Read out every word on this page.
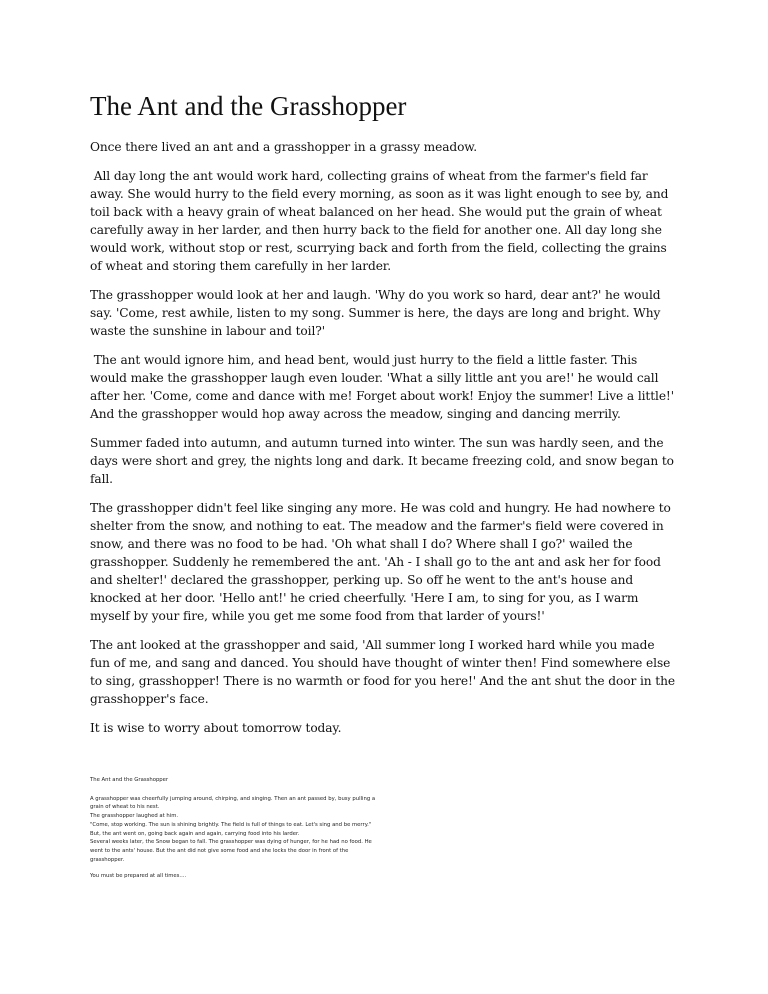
The Ant and the Grasshopper

Once there lived an ant and a grasshopper in a grassy meadow.

All day long the ant would work hard, collecting grains of wheat from the farmer's field far away. She would hurry to the field every morning, as soon as it was light enough to see by, and toil back with a heavy grain of wheat balanced on her head. She would put the grain of wheat carefully away in her larder, and then hurry back to the field for another one. All day long she would work, without stop or rest, scurrying back and forth from the field, collecting the grains of wheat and storing them carefully in her larder.

The grasshopper would look at her and laugh. 'Why do you work so hard, dear ant?' he would say. 'Come, rest awhile, listen to my song. Summer is here, the days are long and bright. Why waste the sunshine in labour and toil?'

The ant would ignore him, and head bent, would just hurry to the field a little faster. This would make the grasshopper laugh even louder. 'What a silly little ant you are!' he would call after her. 'Come, come and dance with me! Forget about work! Enjoy the summer! Live a little!' And the grasshopper would hop away across the meadow, singing and dancing merrily.

Summer faded into autumn, and autumn turned into winter. The sun was hardly seen, and the days were short and grey, the nights long and dark. It became freezing cold, and snow began to fall.

The grasshopper didn't feel like singing any more. He was cold and hungry. He had nowhere to shelter from the snow, and nothing to eat. The meadow and the farmer's field were covered in snow, and there was no food to be had. 'Oh what shall I do? Where shall I go?' wailed the grasshopper. Suddenly he remembered the ant. 'Ah - I shall go to the ant and ask her for food and shelter!' declared the grasshopper, perking up. So off he went to the ant's house and knocked at her door. 'Hello ant!' he cried cheerfully. 'Here I am, to sing for you, as I warm myself by your fire, while you get me some food from that larder of yours!'

The ant looked at the grasshopper and said, 'All summer long I worked hard while you made fun of me, and sang and danced. You should have thought of winter then! Find somewhere else to sing, grasshopper! There is no warmth or food for you here!' And the ant shut the door in the grasshopper's face.

It is wise to worry about tomorrow today.

The Ant and the Grasshopper
A grasshopper was cheerfully jumping around, chirping, and singing. Then an ant passed by, busy pulling a grain of wheat to his nest.
The grasshopper laughed at him.
"Come, stop working. The sun is shining brightly. The field is full of things to eat. Let's sing and be merry."
But, the ant went on, going back again and again, carrying food into his larder.
Several weeks later, the Snow began to fall. The grasshopper was dying of hunger, for he had no food. He went to the ants' house. But the ant did not give some food and she locks the door in front of the grasshopper.
You must be prepared at all times....
